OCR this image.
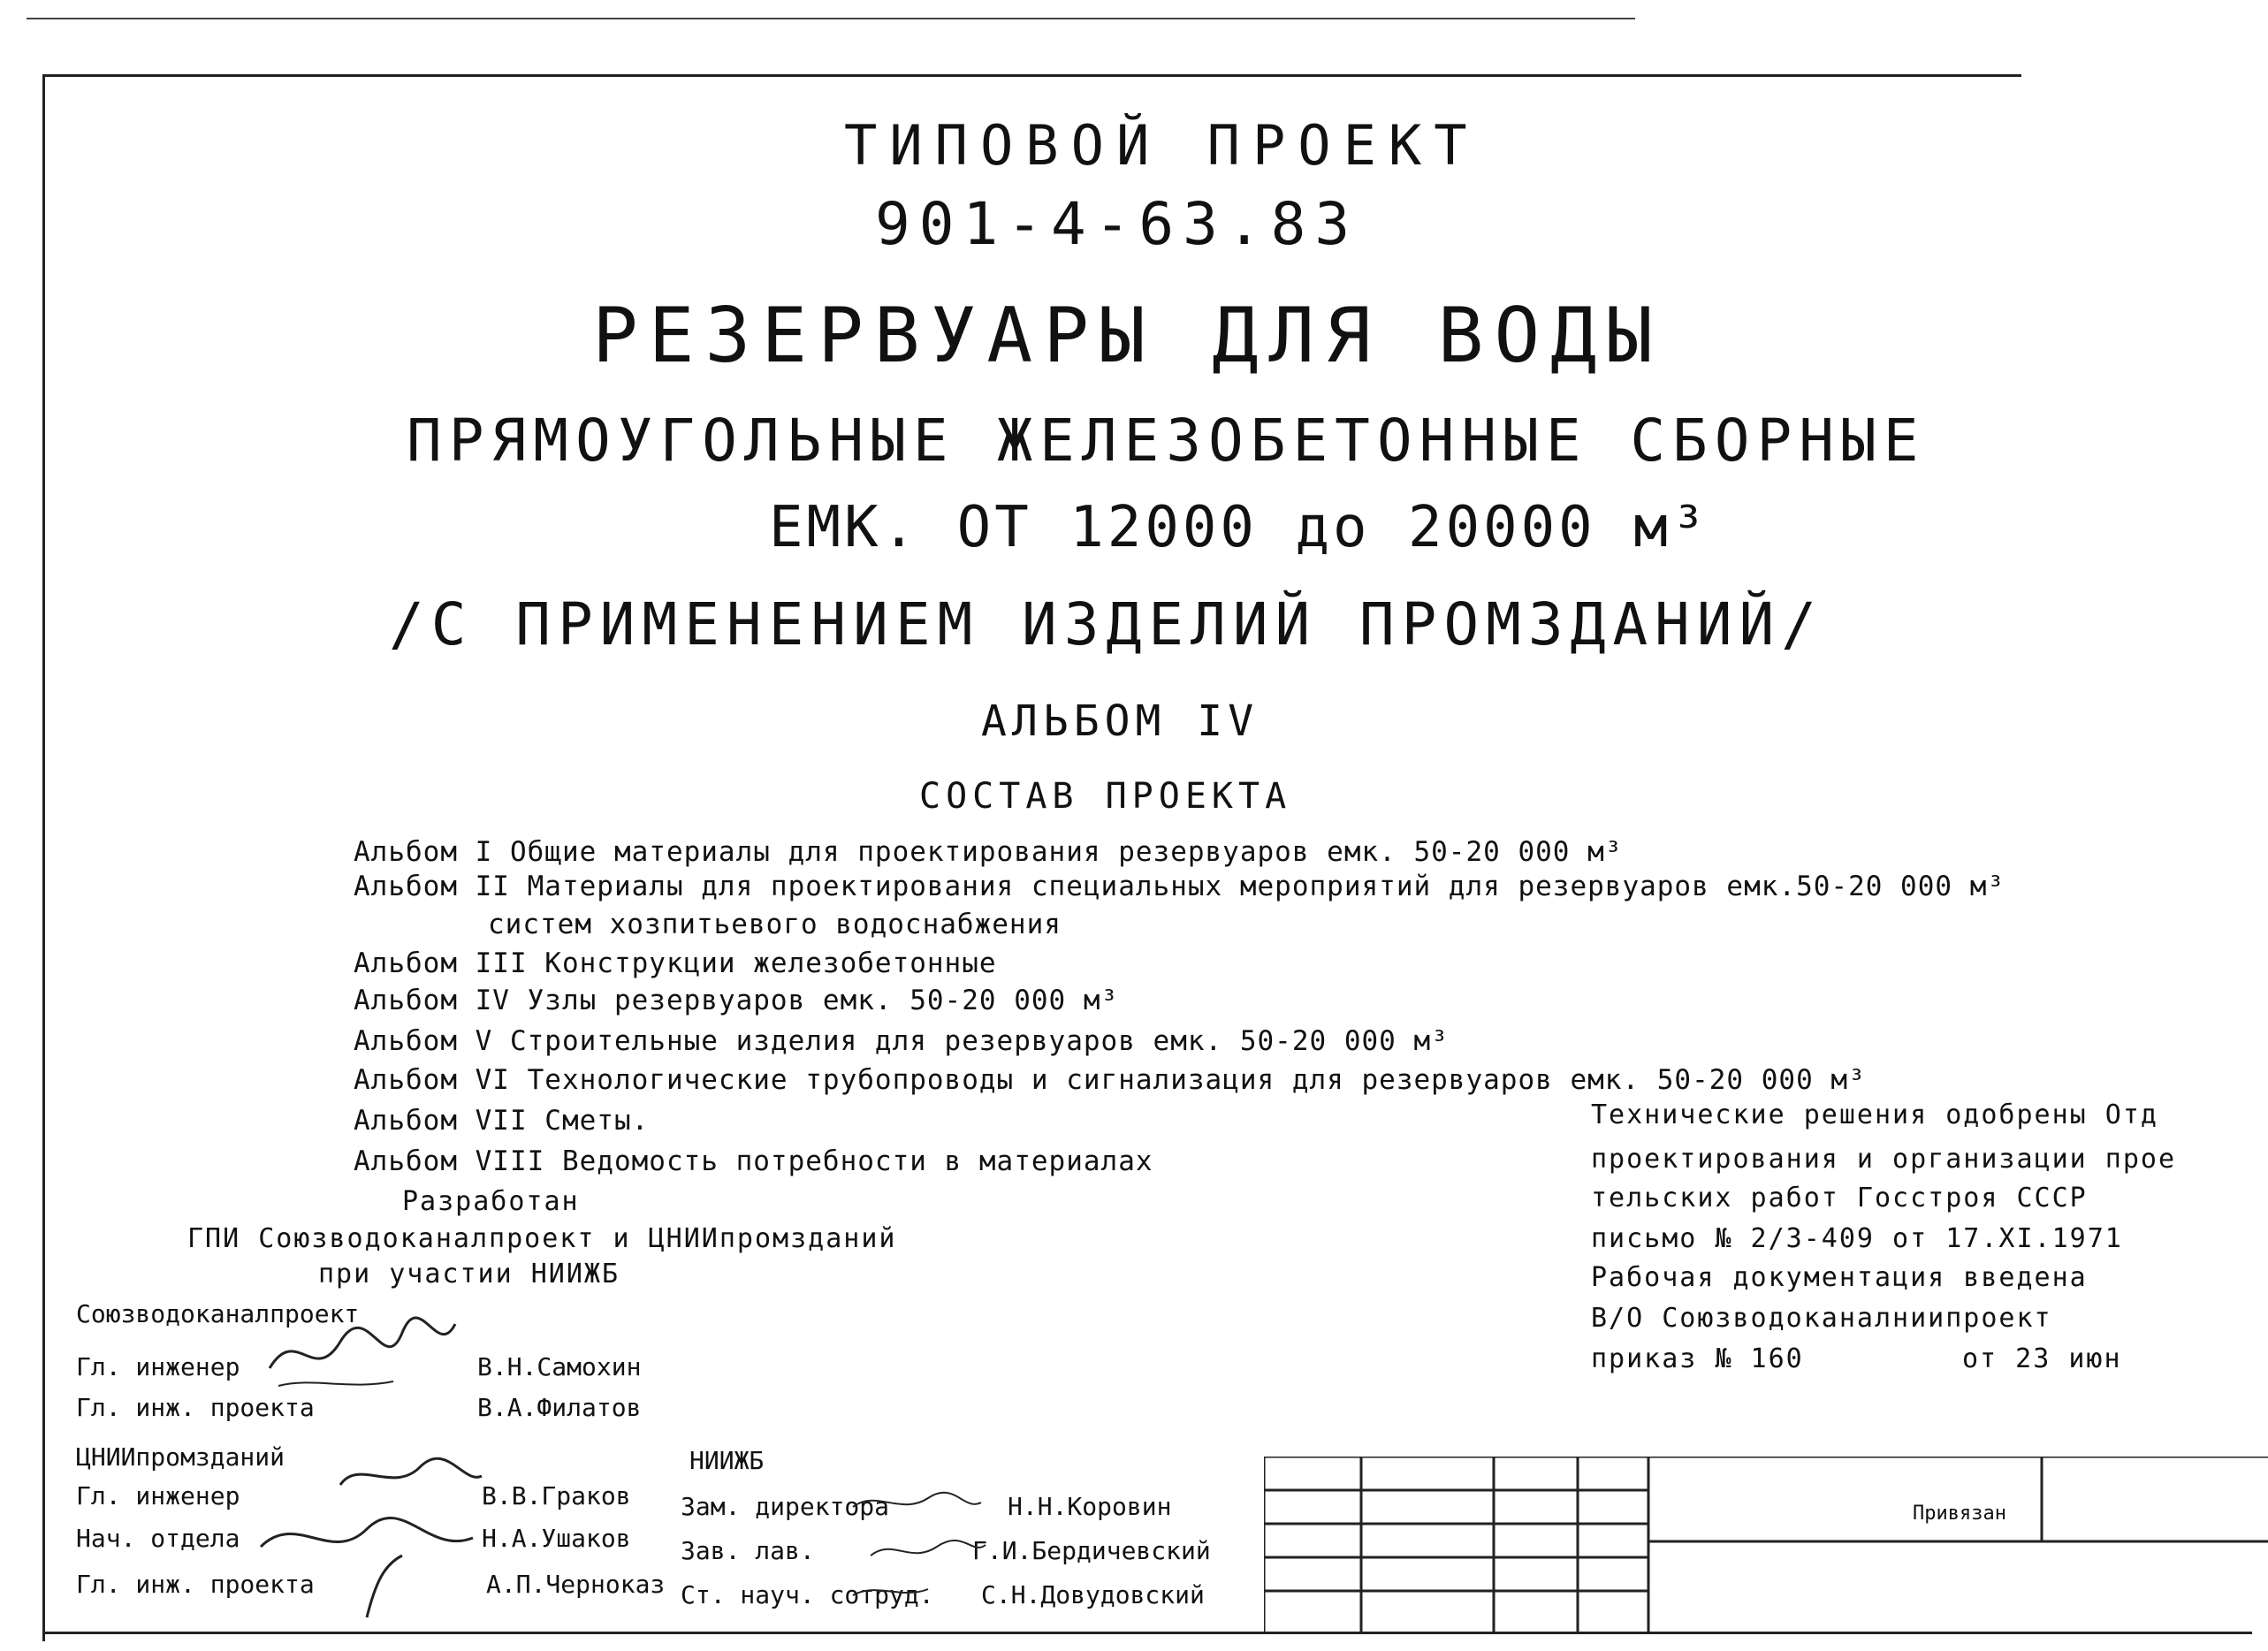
ТИПОВОЙ ПРОЕКТ
901-4-63.83
РЕЗЕРВУАРЫ ДЛЯ ВОДЫ
ПРЯМОУГОЛЬНЫЕ ЖЕЛЕЗОБЕТОННЫЕ СБОРНЫЕ
ЕМК. ОТ 12000 до 20000 м³
/С ПРИМЕНЕНИЕМ ИЗДЕЛИЙ ПРОМЗДАНИЙ/
АЛЬБОМ IV
СОСТАВ ПРОЕКТА
Альбом I Общие материалы для проектирования резервуаров емк. 50-20 000 м³
Альбом II Материалы для проектирования специальных мероприятий для резервуаров емк.50-20 000 м³
систем хозпитьевого водоснабжения
Альбом III Конструкции железобетонные
Альбом IV Узлы резервуаров емк. 50-20 000 м³
Альбом V Строительные изделия для резервуаров емк. 50-20 000 м³
Альбом VI Технологические трубопроводы и сигнализация для резервуаров емк. 50-20 000 м³
Альбом VII Сметы.
Альбом VIII Ведомость потребности в материалах
Разработан
ГПИ Союзводоканалпроект и ЦНИИпромзданий
при участии НИИЖБ
Технические решения одобрены Отд
проектирования и организации прое
тельских работ Госстроя СССР
письмо № 2/3-409 от 17.XI.1971
Рабочая документация введена
В/О Союзводоканалниипроект
приказ № 160	от 23 июн
Союзводоканалпроект
Гл. инженер	В.Н.Самохин
Гл. инж. проекта	В.А.Филатов
ЦНИИпромзданий
Гл. инженер	В.В.Граков
Нач. отдела	Н.А.Ушаков
Гл. инж. проекта	А.П.Черноказ
НИИЖБ
Зам. директора	Н.Н.Коровин
Зав. лав.	Г.И.Бердичевский
Ст. науч. сотруд. С.Н.Довудовский
Привязан
